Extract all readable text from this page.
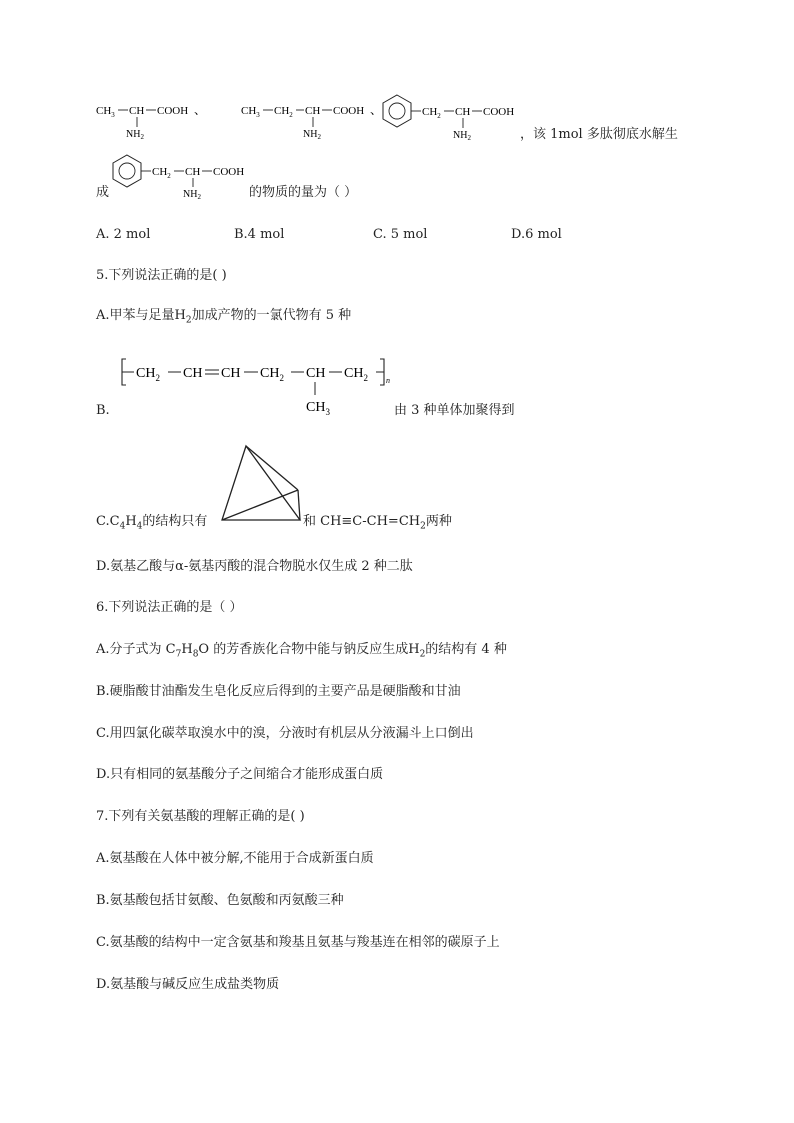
$CH_3$ CH COOH
$NH_2$
、	$CH_3$ $CH_2$ CH COOH
$NH_2$
、	$CH_2$ CH COOH
$NH_2$
$CH_2$ CH COOH
$NH_2$
，该 1mol 多肽彻底水解生
成	的物质的量为（ ）
A. 2 mol	B.4 mol	C. 5 mol	D.6 mol
5.下列说法正确的是( )
A.甲苯与足量$H_2$加成产物的一氯代物有 5 种
$CH_2$ CH CH $CH_2$ CH $CH_2$ n
$CH_3$
B.	由 3 种单体加聚得到
$C.C_4H_4$的结构只有	和 $CH\equiv C-CH=CH_2$两种
D.氨基乙酸与α-氨基丙酸的混合物脱水仅生成 2 种二肽
6.下列说法正确的是（ ）
A.分子式为 $C_7H_8O$ 的芳香族化合物中能与钠反应生成$H_2$的结构有 4 种
B.硬脂酸甘油酯发生皂化反应后得到的主要产品是硬脂酸和甘油
C.用四氯化碳萃取溴水中的溴，分液时有机层从分液漏斗上口倒出
D.只有相同的氨基酸分子之间缩合才能形成蛋白质
7.下列有关氨基酸的理解正确的是( )
A.氨基酸在人体中被分解,不能用于合成新蛋白质
B.氨基酸包括甘氨酸、色氨酸和丙氨酸三种
C.氨基酸的结构中一定含氨基和羧基且氨基与羧基连在相邻的碳原子上
D.氨基酸与碱反应生成盐类物质
